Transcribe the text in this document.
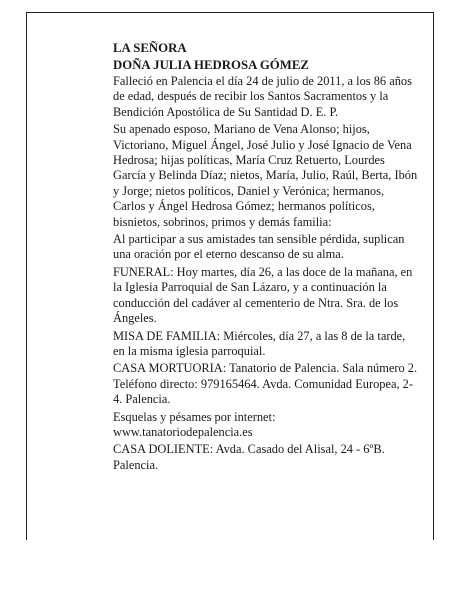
LA SEÑORA
DOÑA JULIA HEDROSA GÓMEZ

Falleció en Palencia el día 24 de julio de 2011, a los 86 años de edad, después de recibir los Santos Sacramentos y la Bendición Apostólica de Su Santidad D. E. P.

Su apenado esposo, Mariano de Vena Alonso; hijos, Victoriano, Miguel Ángel, José Julio y José Ignacio de Vena Hedrosa; hijas políticas, María Cruz Retuerto, Lourdes García y Belinda Díaz; nietos, María, Julio, Raúl, Berta, Ibón y Jorge; nietos políticos, Daniel y Verónica; hermanos, Carlos y Ángel Hedrosa Gómez; hermanos políticos, bisnietos, sobrinos, primos y demás familia:

Al participar a sus amistades tan sensible pérdida, suplican una oración por el eterno descanso de su alma.

FUNERAL: Hoy martes, día 26, a las doce de la mañana, en la Iglesia Parroquial de San Lázaro, y a continuación la conducción del cadáver al cementerio de Ntra. Sra. de los Ángeles.

MISA DE FAMILIA: Miércoles, día 27, a las 8 de la tarde, en la misma iglesia parroquial.

CASA MORTUORIA: Tanatorio de Palencia. Sala número 2. Teléfono directo: 979165464. Avda. Comunidad Europea, 2-4. Palencia.

Esquelas y pésames por internet: www.tanatoriodepalencia.es

CASA DOLIENTE: Avda. Casado del Alisal, 24 - 6ºB. Palencia.
